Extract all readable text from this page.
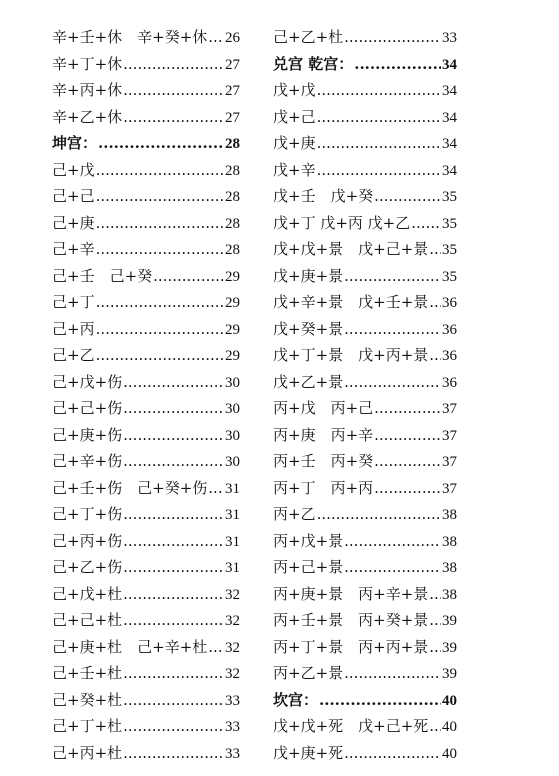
辛+壬+休　辛+癸+休 ..... 26
辛+丁+休 .....	27
辛+丙+休 .....	27
辛+乙+休 .....	27
坤宫： .....	28
己+戊 .....	28
己+己 .....	28
己+庚 .....	28
己+辛 .....	28
己+壬　己+癸 .....	29
己+丁 .....	29
己+丙 .....	29
己+乙 .....	29
己+戊+伤 .....	30
己+己+伤 .....	30
己+庚+伤 .....	30
己+辛+伤 .....	30
己+壬+伤　己+癸+伤 ..... 31
己+丁+伤 .....	31
己+丙+伤 .....	31
己+乙+伤 .....	31
己+戊+杜 .....	32
己+己+杜 .....	32
己+庚+杜　己+辛+杜 ..... 32
己+壬+杜 .....	32
己+癸+杜 .....	33
己+丁+杜 .....	33
己+丙+杜 .....	33
己+乙+杜 .....	33
兑宫 乾宫： .....	34
戊+戊 .....	34
戊+己 .....	34
戊+庚 .....	34
戊+辛 .....	34
戊+壬　戊+癸 .....	35
戊+丁 戊+丙 戊+乙 ..... 35
戊+戊+景　戊+己+景 ..... 35
戊+庚+景 .....	35
戊+辛+景　戊+壬+景 ..... 36
戊+癸+景 .....	36
戊+丁+景　戊+丙+景 ..... 36
戊+乙+景 .....	36
丙+戊　丙+己 .....	37
丙+庚　丙+辛 .....	37
丙+壬　丙+癸 .....	37
丙+丁　丙+丙 .....	37
丙+乙 .....	38
丙+戊+景 .....	38
丙+己+景 .....	38
丙+庚+景　丙+辛+景 ..... 38
丙+壬+景　丙+癸+景 ..... 39
丙+丁+景　丙+丙+景 ..... 39
丙+乙+景 .....	39
坎宫： .....	40
戊+戊+死　戊+己+死 ..... 40
戊+庚+死 .....	40
